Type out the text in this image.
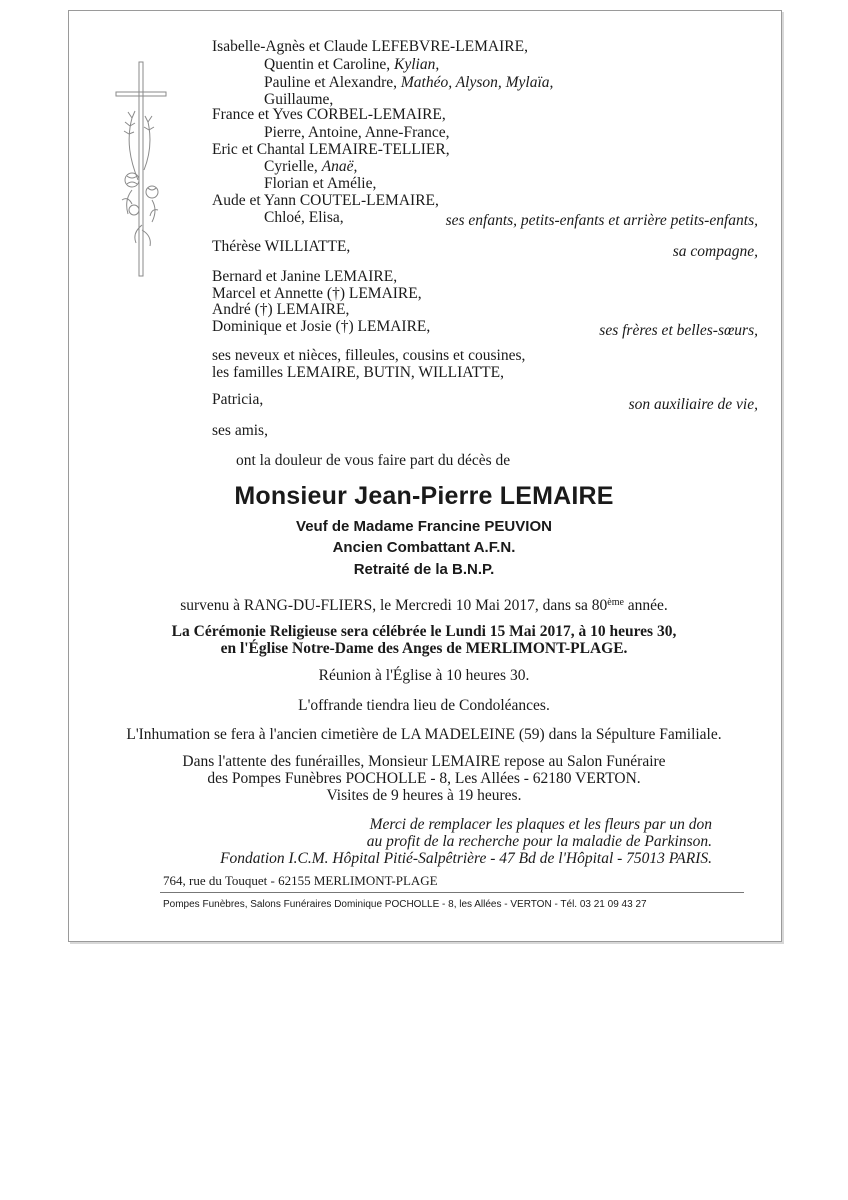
Isabelle-Agnès et Claude LEFEBVRE-LEMAIRE,
Quentin et Caroline, Kylian,
Pauline et Alexandre, Mathéo, Alyson, Mylaïa,
Guillaume,
France et Yves CORBEL-LEMAIRE,
Pierre, Antoine, Anne-France,
Eric et Chantal LEMAIRE-TELLIER,
Cyrielle, Anaë,
Florian et Amélie,
Aude et Yann COUTEL-LEMAIRE,
Chloé, Elisa,	ses enfants, petits-enfants et arrière petits-enfants,
Thérèse WILLIATTE,	sa compagne,
Bernard et Janine LEMAIRE,
Marcel et Annette (†) LEMAIRE,
André (†) LEMAIRE,
Dominique et Josie (†) LEMAIRE,	ses frères et belles-sœurs,
ses neveux et nièces, filleules, cousins et cousines,
les familles LEMAIRE, BUTIN, WILLIATTE,
Patricia,	son auxiliaire de vie,
ses amis,
ont la douleur de vous faire part du décès de
Monsieur Jean-Pierre LEMAIRE
Veuf de Madame Francine PEUVION
Ancien Combattant A.F.N.
Retraité de la B.N.P.
survenu à RANG-DU-FLIERS, le Mercredi 10 Mai 2017, dans sa 80ème année.
La Cérémonie Religieuse sera célébrée le Lundi 15 Mai 2017, à 10 heures 30,
en l'Église Notre-Dame des Anges de MERLIMONT-PLAGE.
Réunion à l'Église à 10 heures 30.
L'offrande tiendra lieu de Condoléances.
L'Inhumation se fera à l'ancien cimetière de LA MADELEINE (59) dans la Sépulture Familiale.
Dans l'attente des funérailles, Monsieur LEMAIRE repose au Salon Funéraire
des Pompes Funèbres POCHOLLE - 8, Les Allées - 62180 VERTON.
Visites de 9 heures à 19 heures.
Merci de remplacer les plaques et les fleurs par un don
au profit de la recherche pour la maladie de Parkinson.
Fondation I.C.M. Hôpital Pitié-Salpêtrière - 47 Bd de l'Hôpital - 75013 PARIS.
764, rue du Touquet - 62155 MERLIMONT-PLAGE
Pompes Funèbres, Salons Funéraires Dominique POCHOLLE - 8, les Allées - VERTON - Tél. 03 21 09 43 27
